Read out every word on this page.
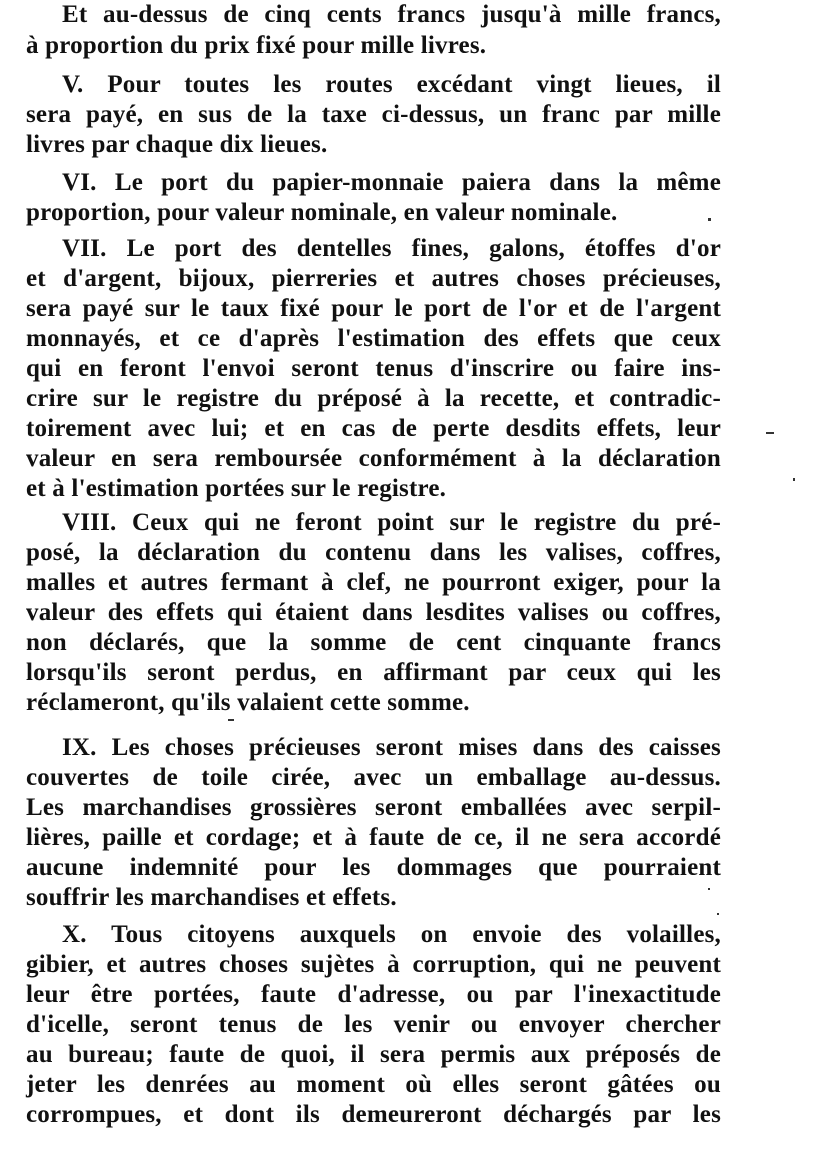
Et au-dessus de cinq cents francs jusqu'à mille francs,
à proportion du prix fixé pour mille livres.
V. Pour toutes les routes excédant vingt lieues, il
sera payé, en sus de la taxe ci-dessus, un franc par mille
livres par chaque dix lieues.
VI. Le port du papier-monnaie paiera dans la même
proportion, pour valeur nominale, en valeur nominale.
VII. Le port des dentelles fines, galons, étoffes d'or
et d'argent, bijoux, pierreries et autres choses précieuses,
sera payé sur le taux fixé pour le port de l'or et de l'argent
monnayés, et ce d'après l'estimation des effets que ceux
qui en feront l'envoi seront tenus d'inscrire ou faire ins-
crire sur le registre du préposé à la recette, et contradic-
toirement avec lui; et en cas de perte desdits effets, leur
valeur en sera remboursée conformément à la déclaration
et à l'estimation portées sur le registre.
VIII. Ceux qui ne feront point sur le registre du pré-
posé, la déclaration du contenu dans les valises, coffres,
malles et autres fermant à clef, ne pourront exiger, pour la
valeur des effets qui étaient dans lesdites valises ou coffres,
non déclarés, que la somme de cent cinquante francs
lorsqu'ils seront perdus, en affirmant par ceux qui les
réclameront, qu'ils valaient cette somme.
IX. Les choses précieuses seront mises dans des caisses
couvertes de toile cirée, avec un emballage au-dessus.
Les marchandises grossières seront emballées avec serpil-
lières, paille et cordage; et à faute de ce, il ne sera accordé
aucune indemnité pour les dommages que pourraient
souffrir les marchandises et effets.
X. Tous citoyens auxquels on envoie des volailles,
gibier, et autres choses sujètes à corruption, qui ne peuvent
leur être portées, faute d'adresse, ou par l'inexactitude
d'icelle, seront tenus de les venir ou envoyer chercher
au bureau; faute de quoi, il sera permis aux préposés de
jeter les denrées au moment où elles seront gâtées ou
corrompues, et dont ils demeureront déchargés par les
